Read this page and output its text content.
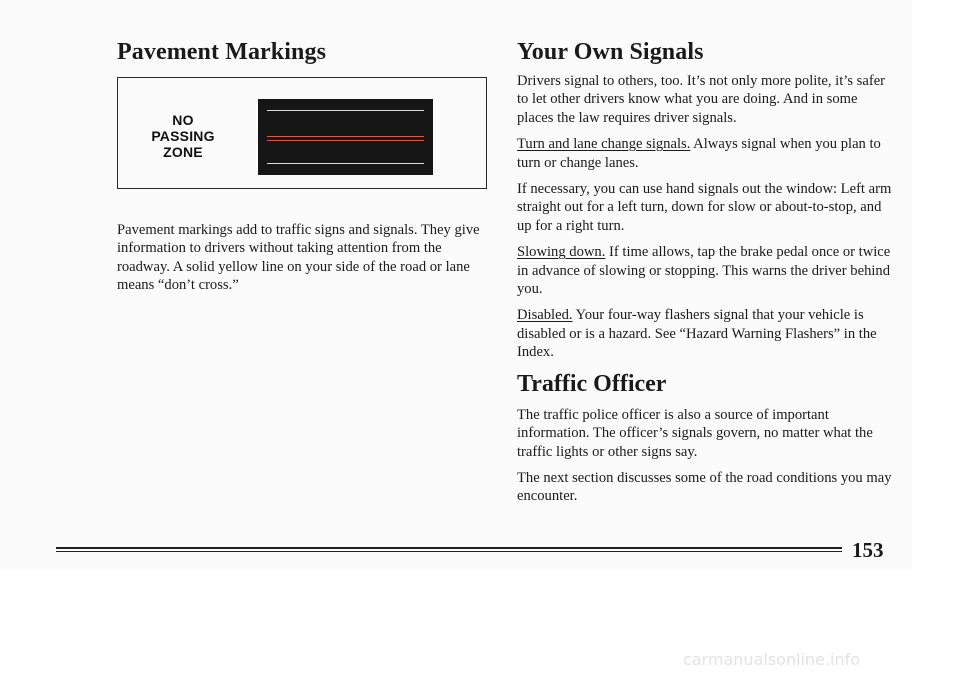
Pavement Markings
NO
PASSING
ZONE

Pavement markings add to traffic signs and signals. They give information to drivers without taking attention from the roadway. A solid yellow line on your side of the road or lane means “don’t cross.”

Your Own Signals

Drivers signal to others, too. It’s not only more polite, it’s safer to let other drivers know what you are doing. And in some places the law requires driver signals.

Turn and lane change signals. Always signal when you plan to turn or change lanes.

If necessary, you can use hand signals out the window: Left arm straight out for a left turn, down for slow or about-to-stop, and up for a right turn.

Slowing down. If time allows, tap the brake pedal once or twice in advance of slowing or stopping. This warns the driver behind you.

Disabled. Your four-way flashers signal that your vehicle is disabled or is a hazard. See “Hazard Warning Flashers” in the Index.

Traffic Officer

The traffic police officer is also a source of important information. The officer’s signals govern, no matter what the traffic lights or other signs say.

The next section discusses some of the road conditions you may encounter.

153
carmanualsonline.info
